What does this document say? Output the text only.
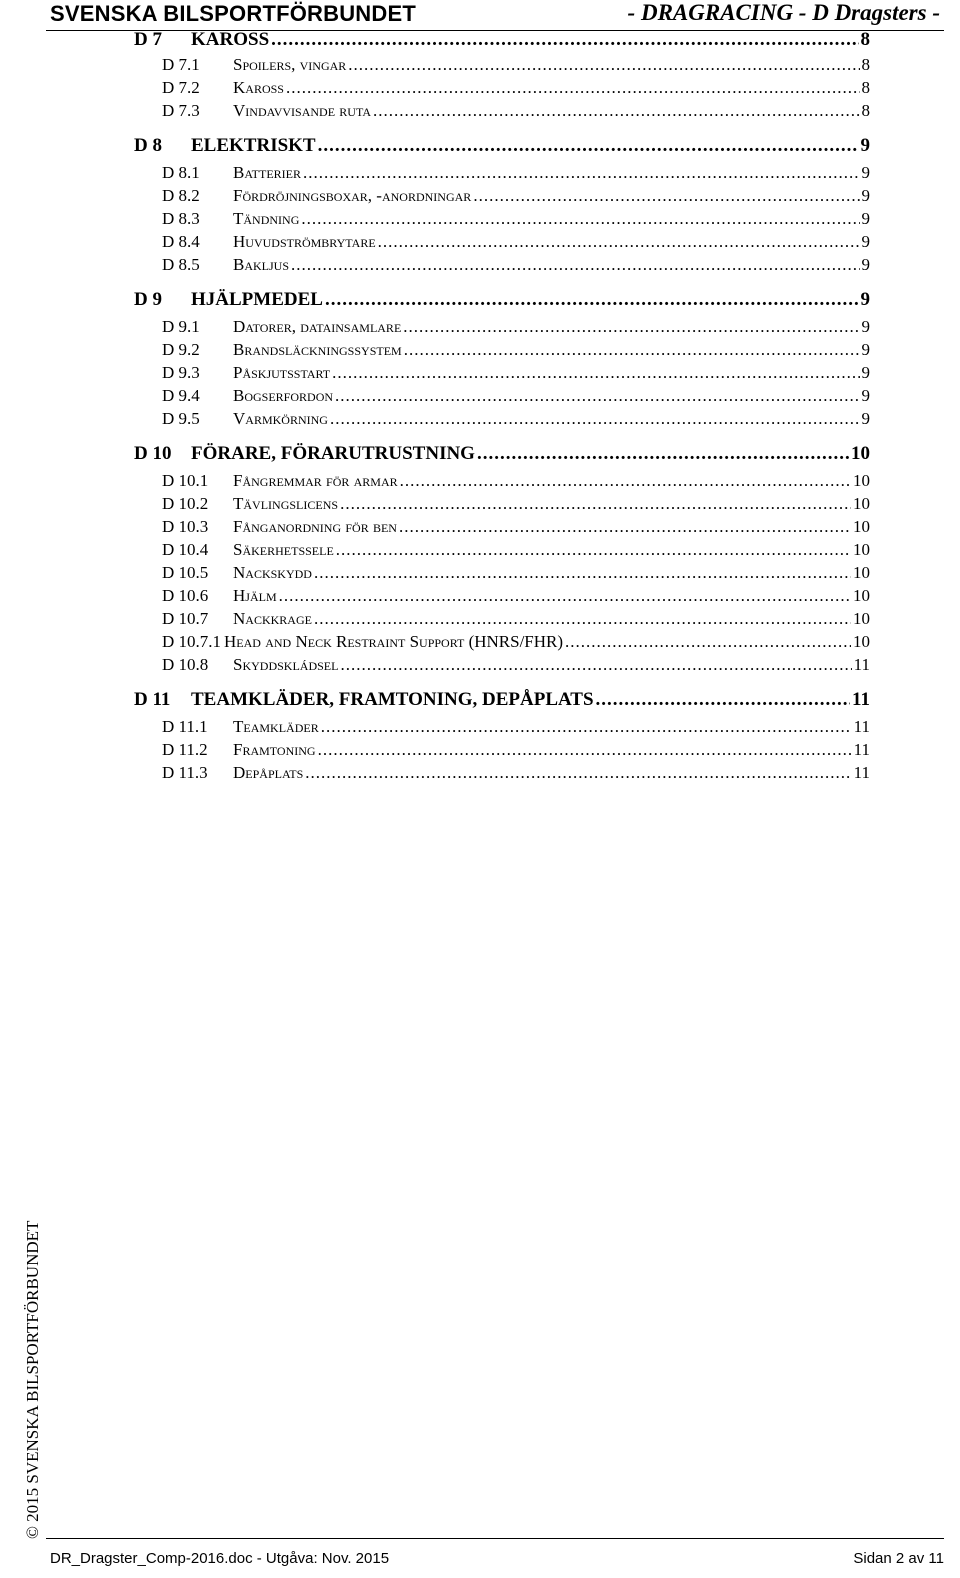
SVENSKA BILSPORTFÖRBUNDET	- DRAGRACING - D Dragsters -
D 7	KAROSS .....	8
D 7.1	Spoilers, vingar .....	8
D 7.2	Kaross .....	8
D 7.3	Vindavvisande ruta .....	8
D 8	ELEKTRISKT .....	9
D 8.1	Batterier .....	9
D 8.2	Fördröjningsboxar, -anordningar .....	9
D 8.3	Tändning .....	9
D 8.4	Huvudströmbrytare .....	9
D 8.5	Bakljus .....	9
D 9	HJÄLPMEDEL .....	9
D 9.1	Datorer, datainsamlare .....	9
D 9.2	Brandsläckningssystem .....	9
D 9.3	Påskjutsstart .....	9
D 9.4	Bogserfordon .....	9
D 9.5	Varmkörning .....	9
D 10	FÖRARE, FÖRARUTRUSTNING .....	10
D 10.1	Fångremmar för armar .....	10
D 10.2	Tävlingslicens .....	10
D 10.3	Fånganordning för ben .....	10
D 10.4	Säkerhetssele .....	10
D 10.5	Nackskydd .....	10
D 10.6	Hjälm .....	10
D 10.7	Nackkrage .....	10
D 10.7.1 Head and Neck Restraint Support (HNRS/FHR) .....	10
D 10.8	Skyddskládsel .....	11
D 11	TEAMKLÄDER, FRAMTONING, DEPÅPLATS .....	11
D 11.1	Teamkläder .....	11
D 11.2	Framtoning .....	11
D 11.3	Depåplats .....	11
© 2015 SVENSKA BILSPORTFÖRBUNDET
DR_Dragster_Comp-2016.doc - Utgåva: Nov. 2015	Sidan 2 av 11
